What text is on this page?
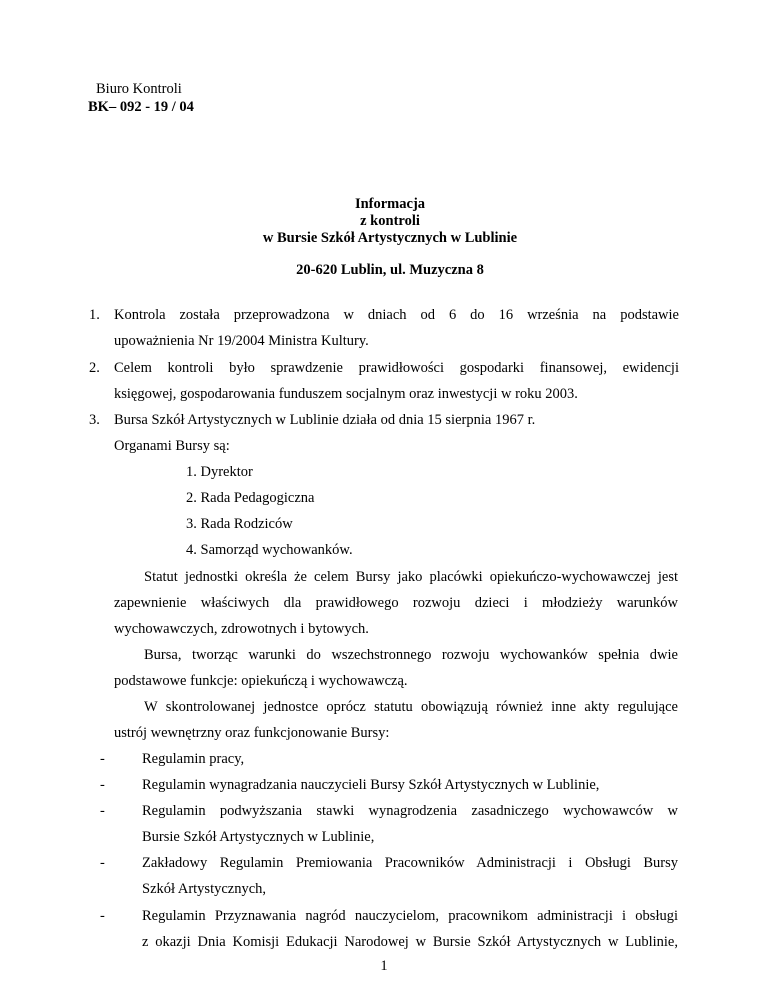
Biuro Kontroli
BK– 092 - 19 / 04
Informacja
z kontroli
w Bursie Szkół Artystycznych w Lublinie
20-620 Lublin, ul. Muzyczna 8
1. Kontrola została przeprowadzona w dniach od 6 do 16 września na podstawie
upoważnienia Nr 19/2004 Ministra Kultury.
2. Celem kontroli było sprawdzenie prawidłowości gospodarki finansowej, ewidencji
księgowej, gospodarowania funduszem socjalnym oraz inwestycji w roku 2003.
3. Bursa Szkół Artystycznych w Lublinie działa od dnia 15 sierpnia 1967 r.
Organami Bursy są:
1. Dyrektor
2. Rada Pedagogiczna
3. Rada Rodziców
4. Samorząd wychowanków.
Statut jednostki określa że celem Bursy jako placówki opiekuńczo-wychowawczej jest
zapewnienie właściwych dla prawidłowego rozwoju dzieci i młodzieży warunków
wychowawczych, zdrowotnych i bytowych.
Bursa, tworząc warunki do wszechstronnego rozwoju wychowanków spełnia dwie
podstawowe funkcje: opiekuńczą i wychowawczą.
W skontrolowanej jednostce oprócz statutu obowiązują również inne akty regulujące
ustrój wewnętrzny oraz funkcjonowanie Bursy:
-	Regulamin pracy,
-	Regulamin wynagradzania nauczycieli Bursy Szkół Artystycznych w Lublinie,
-	Regulamin podwyższania stawki wynagrodzenia zasadniczego wychowawców w
Bursie Szkół Artystycznych w Lublinie,
-	Zakładowy Regulamin Premiowania Pracowników Administracji i Obsługi Bursy
Szkół Artystycznych,
-	Regulamin Przyznawania nagród nauczycielom, pracownikom administracji i obsługi
z okazji Dnia Komisji Edukacji Narodowej w Bursie Szkół Artystycznych w Lublinie,
1
